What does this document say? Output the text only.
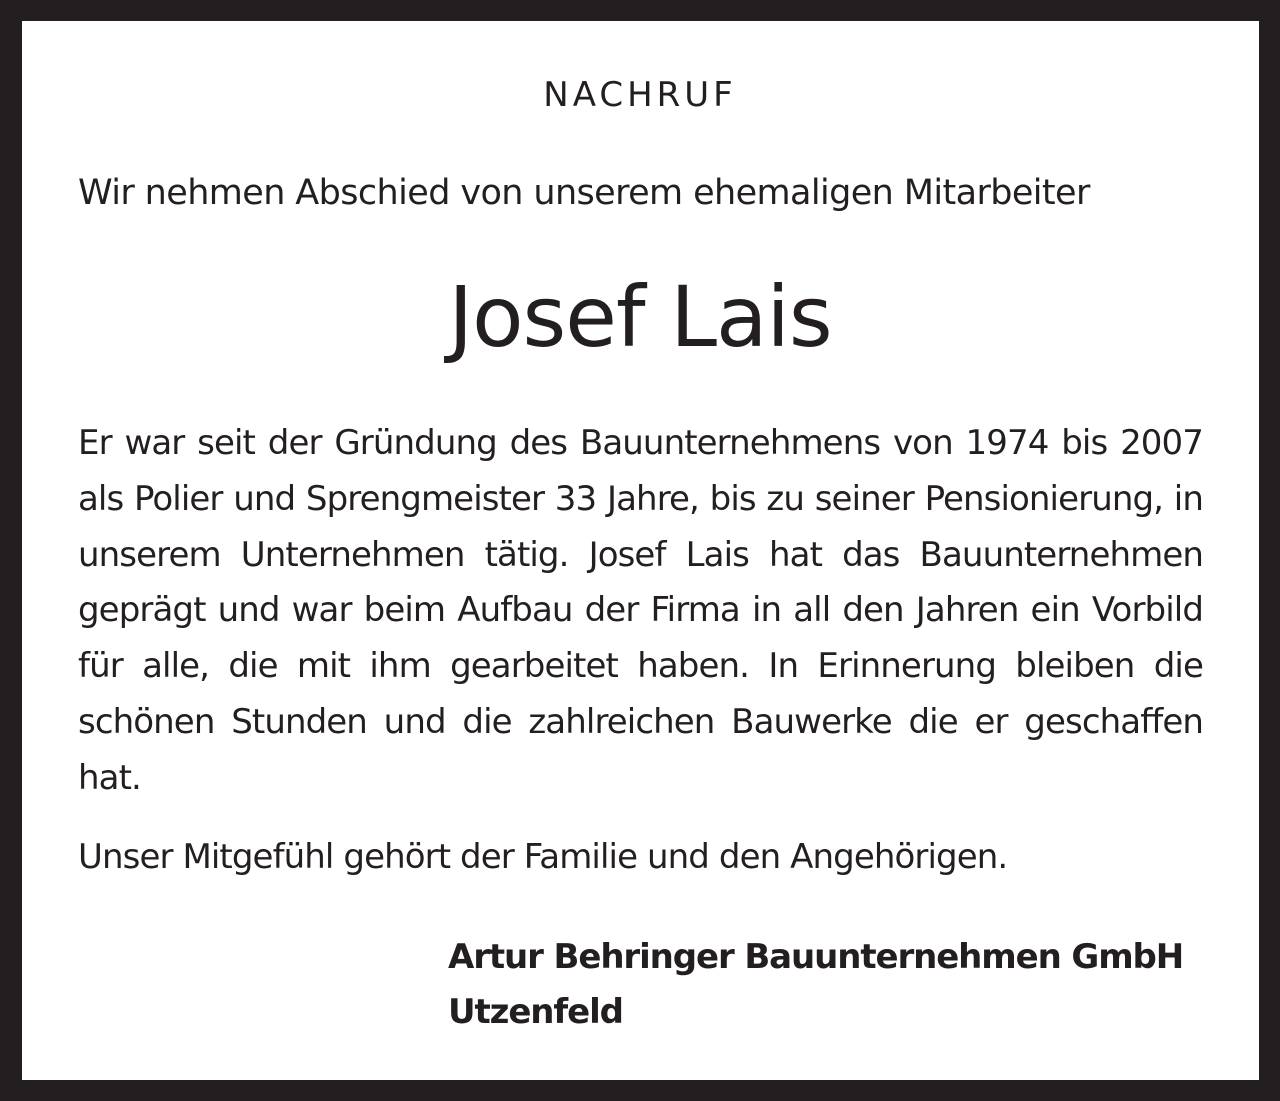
NACHRUF
Wir nehmen Abschied von unserem ehemaligen Mitarbeiter
Josef Lais
Er war seit der Gründung des Bauunternehmens von 1974 bis 2007 als Polier und Sprengmeister 33 Jahre, bis zu seiner Pensionierung, in unserem Unternehmen tätig. Josef Lais hat das Bauunternehmen geprägt und war beim Aufbau der Firma in all den Jahren ein Vorbild für alle, die mit ihm gearbeitet haben. In Erinnerung bleiben die schönen Stunden und die zahlreichen Bauwerke die er geschaffen hat.
Unser Mitgefühl gehört der Familie und den Angehörigen.
Artur Behringer Bauunternehmen GmbH
Utzenfeld
